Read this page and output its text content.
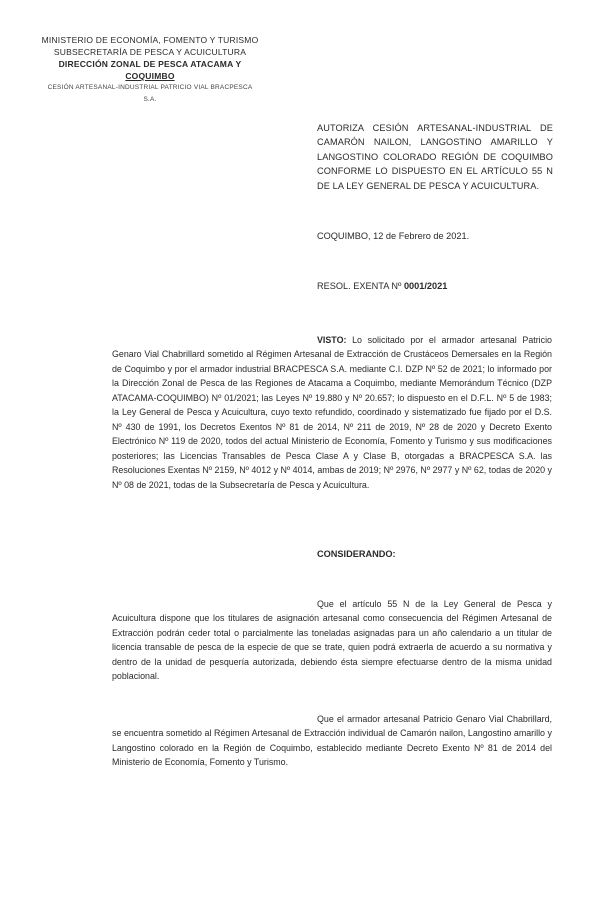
MINISTERIO DE ECONOMÍA, FOMENTO Y TURISMO
SUBSECRETARÍA DE PESCA Y ACUICULTURA
DIRECCIÓN ZONAL DE PESCA ATACAMA Y
COQUIMBO
CESIÓN ARTESANAL-INDUSTRIAL PATRICIO VIAL BRACPESCA
S.A.
AUTORIZA CESIÓN ARTESANAL-INDUSTRIAL DE CAMARÓN NAILON, LANGOSTINO AMARILLO Y LANGOSTINO COLORADO REGIÓN DE COQUIMBO CONFORME LO DISPUESTO EN EL ARTÍCULO 55 N DE LA LEY GENERAL DE PESCA Y ACUICULTURA.
COQUIMBO, 12 de Febrero de 2021.
RESOL. EXENTA Nº 0001/2021
VISTO: Lo solicitado por el armador artesanal Patricio Genaro Vial Chabrillard sometido al Régimen Artesanal de Extracción de Crustáceos Demersales en la Región de Coquimbo y por el armador industrial BRACPESCA S.A. mediante C.I. DZP Nº 52 de 2021; lo informado por la Dirección Zonal de Pesca de las Regiones de Atacama a Coquimbo, mediante Memorándum Técnico (DZP ATACAMA-COQUIMBO) Nº 01/2021; las Leyes Nº 19.880 y Nº 20.657; lo dispuesto en el D.F.L. Nº 5 de 1983; la Ley General de Pesca y Acuicultura, cuyo texto refundido, coordinado y sistematizado fue fijado por el D.S. Nº 430 de 1991, los Decretos Exentos Nº 81 de 2014, Nº 211 de 2019, Nº 28 de 2020 y Decreto Exento Electrónico Nº 119 de 2020, todos del actual Ministerio de Economía, Fomento y Turismo y sus modificaciones posteriores; las Licencias Transables de Pesca Clase A y Clase B, otorgadas a BRACPESCA S.A. las Resoluciones Exentas Nº 2159, Nº 4012 y Nº 4014, ambas de 2019; Nº 2976, Nº 2977 y Nº 62, todas de 2020 y Nº 08 de 2021, todas de la Subsecretaría de Pesca y Acuicultura.
CONSIDERANDO:
Que el artículo 55 N de la Ley General de Pesca y Acuicultura dispone que los titulares de asignación artesanal como consecuencia del Régimen Artesanal de Extracción podrán ceder total o parcialmente las toneladas asignadas para un año calendario a un titular de licencia transable de pesca de la especie de que se trate, quien podrá extraerla de acuerdo a su normativa y dentro de la unidad de pesquería autorizada, debiendo ésta siempre efectuarse dentro de la misma unidad poblacional.
Que el armador artesanal Patricio Genaro Vial Chabrillard, se encuentra sometido al Régimen Artesanal de Extracción individual de Camarón nailon, Langostino amarillo y Langostino colorado en la Región de Coquimbo, establecido mediante Decreto Exento Nº 81 de 2014 del Ministerio de Economía, Fomento y Turismo.
